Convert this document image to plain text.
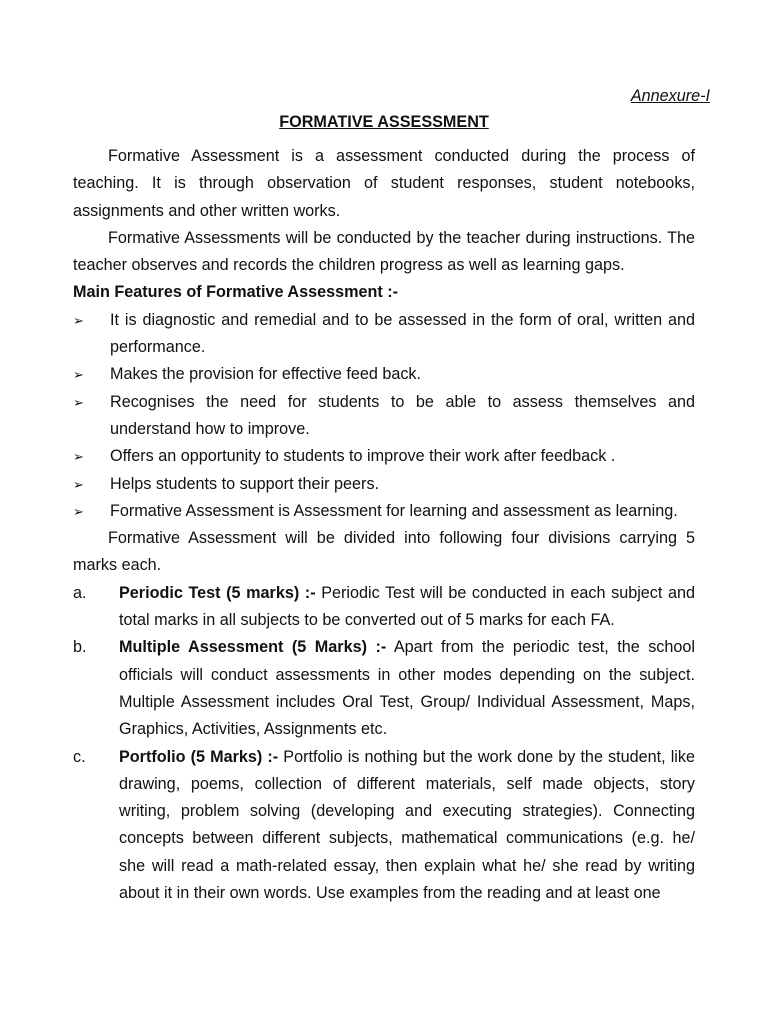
Annexure-I
FORMATIVE ASSESSMENT

Formative Assessment is a assessment conducted during the process of teaching. It is through observation of student responses, student notebooks, assignments and other written works.

Formative Assessments will be conducted by the teacher during instructions. The teacher observes and records the children progress as well as learning gaps.

Main Features of Formative Assessment :-

➢	It is diagnostic and remedial and to be assessed in the form of oral, written and performance.
➢	Makes the provision for effective feed back.
➢	Recognises the need for students to be able to assess themselves and understand how to improve.
➢	Offers an opportunity to students to improve their work after feedback .
➢	Helps students to support their peers.
➢	Formative Assessment is Assessment for learning and assessment as learning.

Formative Assessment will be divided into following four divisions carrying 5 marks each.

a.	Periodic Test (5 marks) :- Periodic Test will be conducted in each subject and total marks in all subjects to be converted out of 5 marks for each FA.
b.	Multiple Assessment (5 Marks) :- Apart from the periodic test, the school officials will conduct assessments in other modes depending on the subject. Multiple Assessment includes Oral Test, Group/ Individual Assessment, Maps, Graphics, Activities, Assignments etc.
c.	Portfolio (5 Marks) :- Portfolio is nothing but the work done by the student, like drawing, poems, collection of different materials, self made objects, story writing, problem solving (developing and executing strategies). Connecting concepts between different subjects, mathematical communications (e.g. he/ she will read a math-related essay, then explain what he/ she read by writing about it in their own words. Use examples from the reading and at least one
